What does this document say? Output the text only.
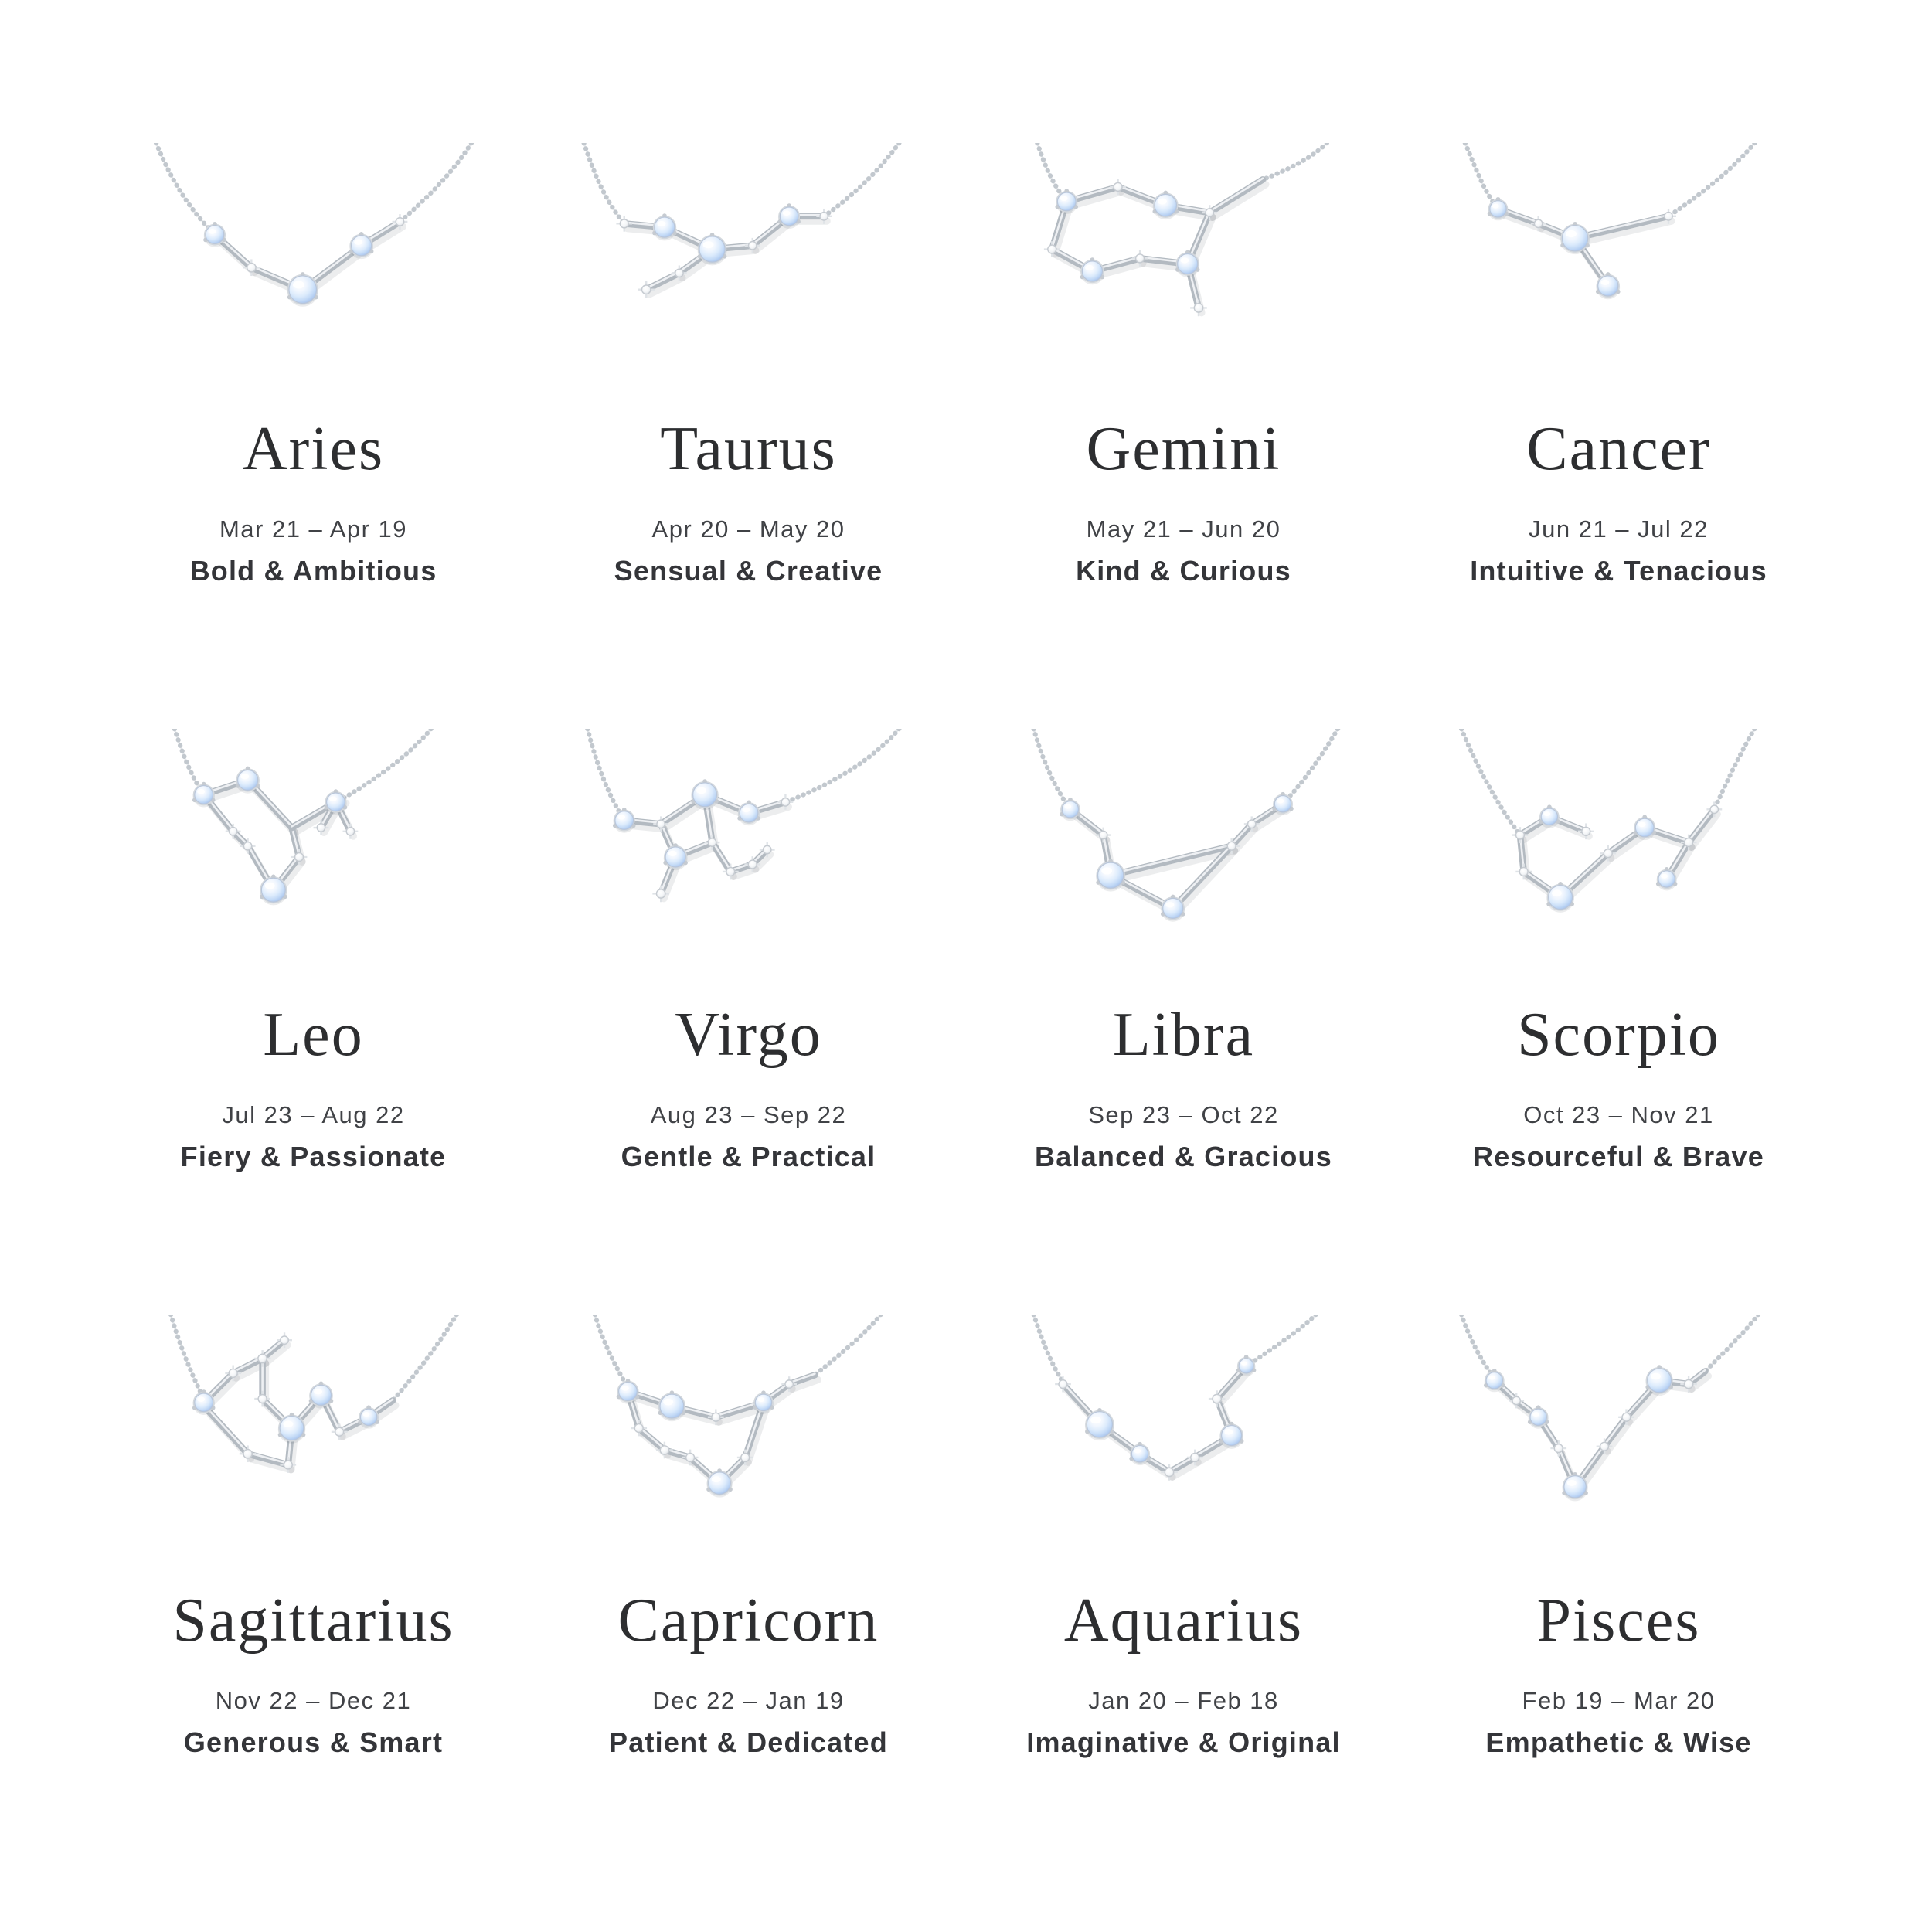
Aries

Mar 21 – Apr 19

Bold & Ambitious

Taurus

Apr 20 – May 20

Sensual & Creative

Gemini

May 21 – Jun 20

Kind & Curious

Cancer

Jun 21 – Jul 22

Intuitive & Tenacious

Leo

Jul 23 – Aug 22

Fiery & Passionate

Virgo

Aug 23 – Sep 22

Gentle & Practical

Libra

Sep 23 – Oct 22

Balanced & Gracious

Scorpio

Oct 23 – Nov 21

Resourceful & Brave

Sagittarius

Nov 22 – Dec 21

Generous & Smart

Capricorn

Dec 22 – Jan 19

Patient & Dedicated

Aquarius

Jan 20 – Feb 18

Imaginative & Original

Pisces

Feb 19 – Mar 20

Empathetic & Wise
